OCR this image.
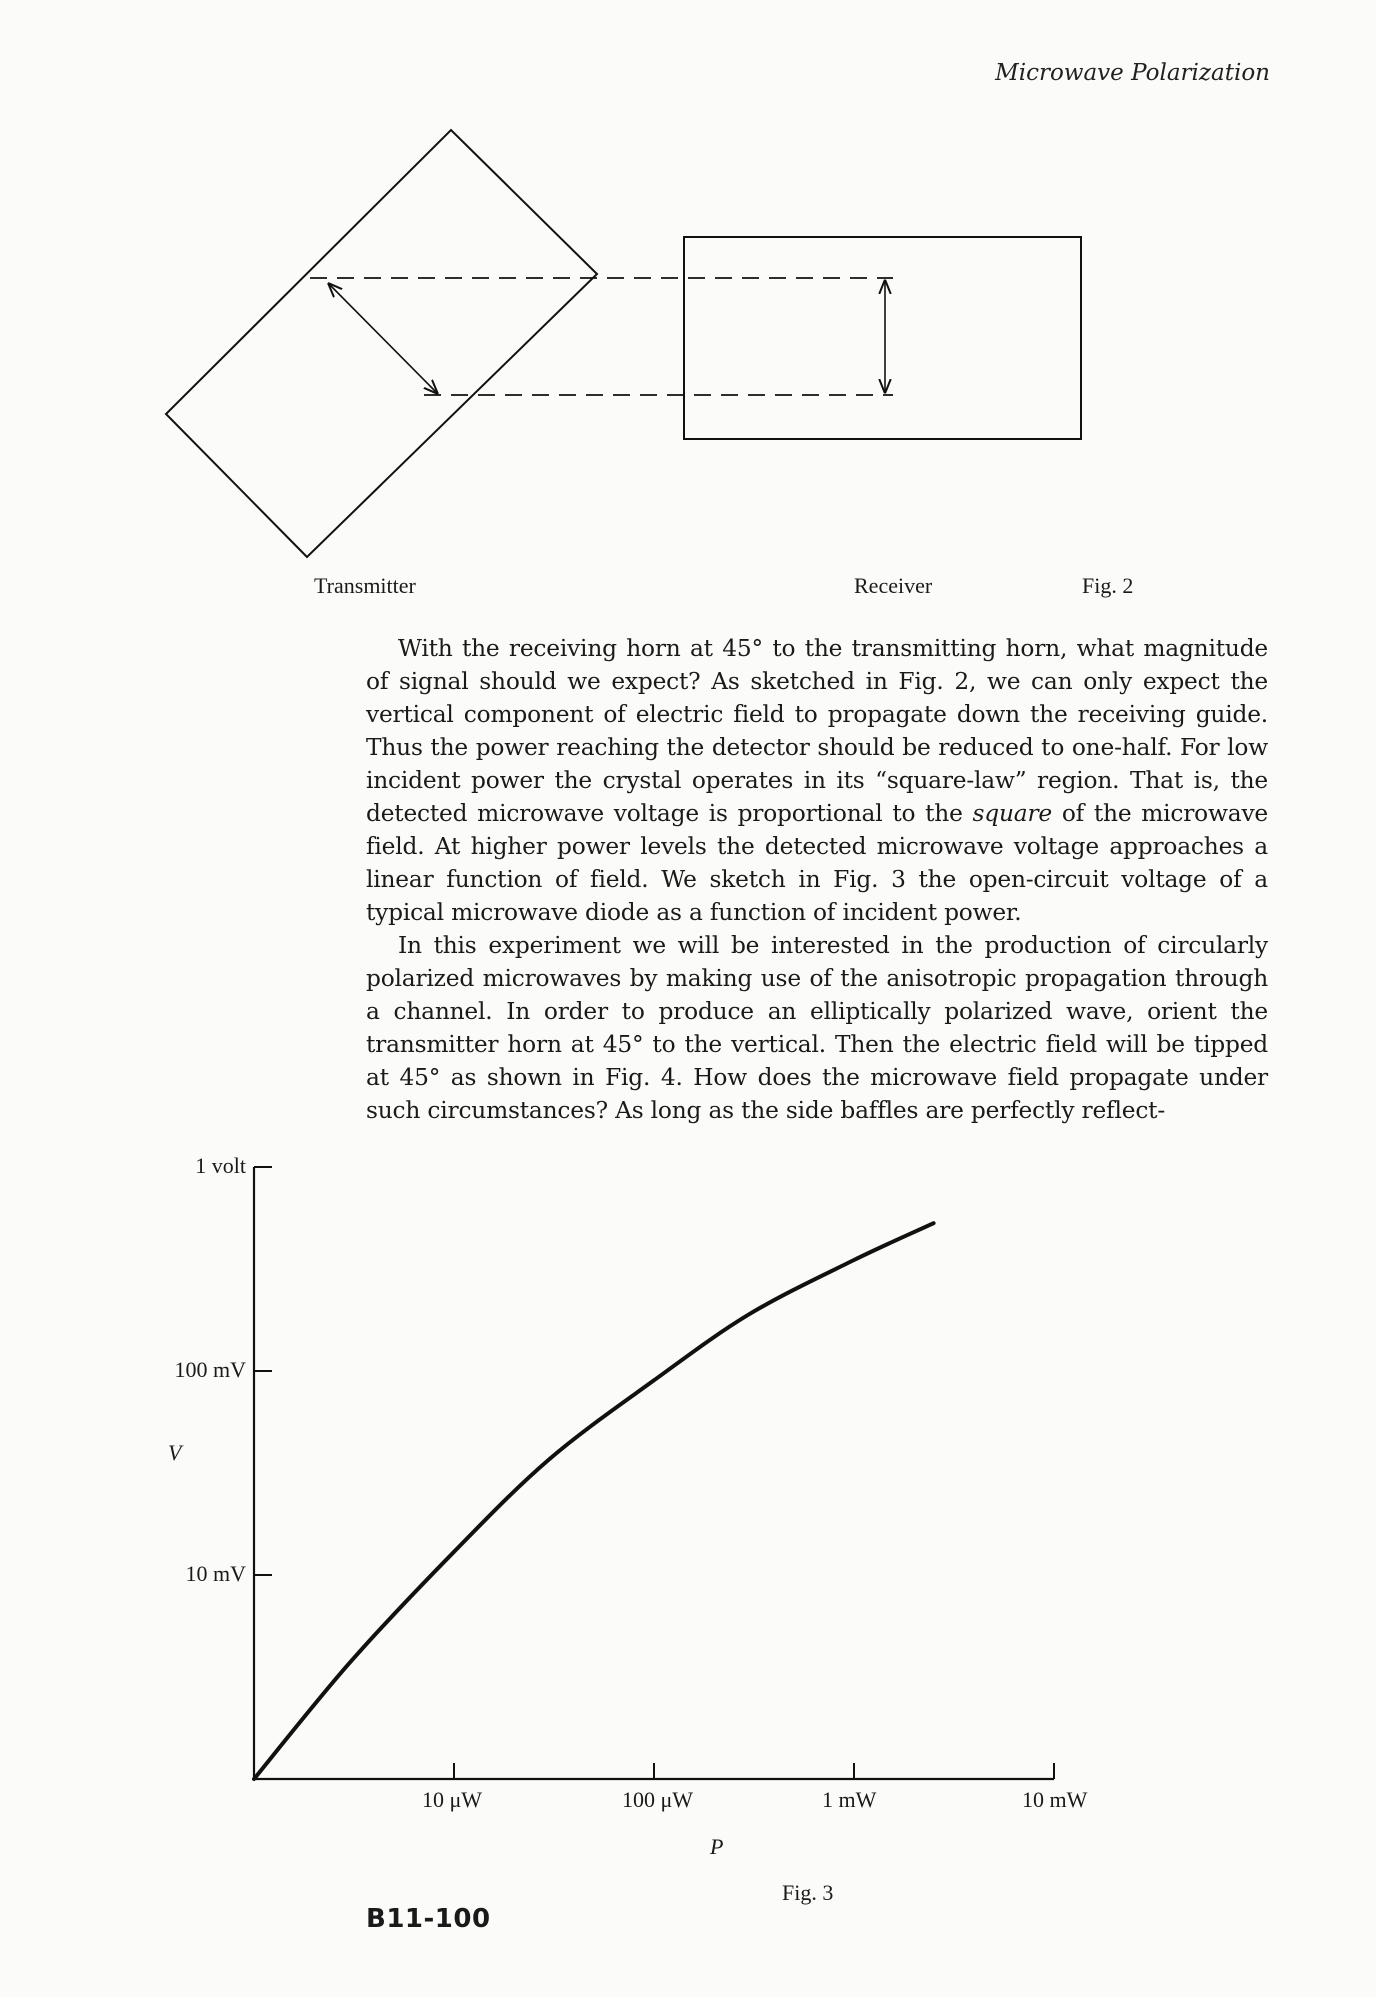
Microwave Polarization
Transmitter	Receiver	Fig. 2

With the receiving horn at 45° to the transmitting horn, what magnitude of signal should we expect? As sketched in Fig. 2, we can only expect the vertical component of electric field to propagate down the receiving guide. Thus the power reaching the detector should be reduced to one-half. For low incident power the crystal operates in its “square-law” region. That is, the detected microwave voltage is proportional to the square of the microwave field. At higher power levels the detected microwave voltage approaches a linear function of field. We sketch in Fig. 3 the open-circuit voltage of a typical microwave diode as a function of incident power.

In this experiment we will be interested in the production of circularly polarized microwaves by making use of the anisotropic propagation through a channel. In order to produce an elliptically polarized wave, orient the transmitter horn at 45° to the vertical. Then the electric field will be tipped at 45° as shown in Fig. 4. How does the microwave field propagate under such circumstances? As long as the side baffles are perfectly reflect-

1 volt
100 mV
10 mV
10 μW	100 μW	1 mW	10 mW
V
P
Fig. 3
B11-100
